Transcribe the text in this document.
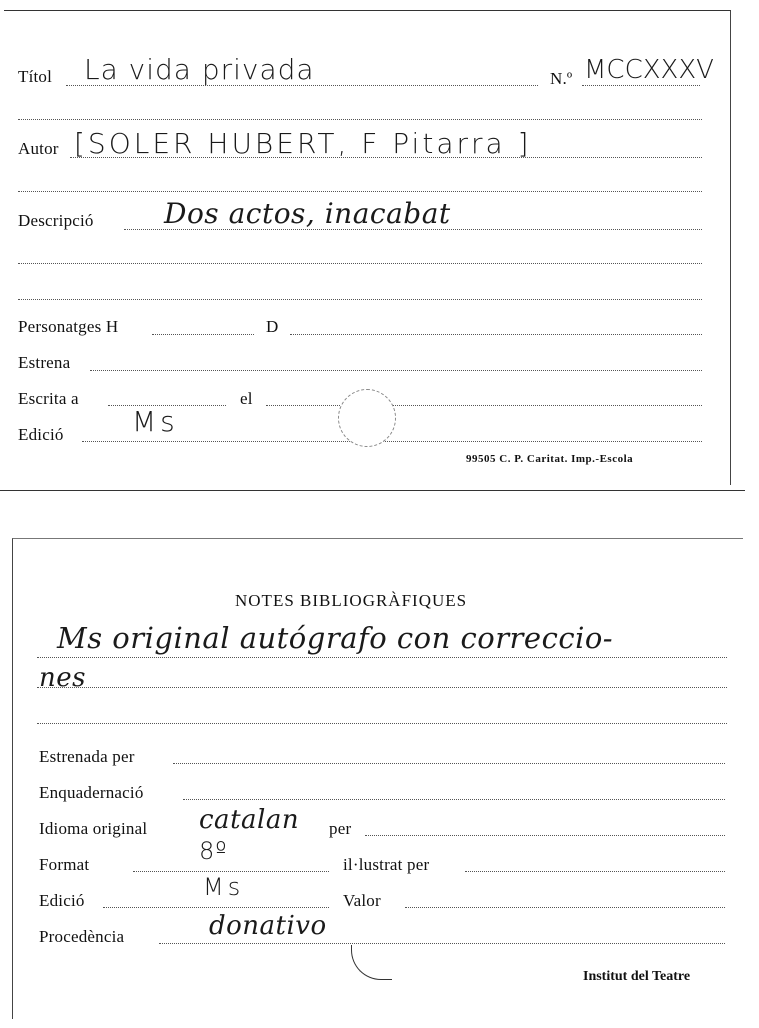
Títol La vida privada	N.º MCCXXXV
Autor [SOLER HUBERT, F Pitarra ]
Descripció	Dos actos, inacabat
Personatges H	D
Estrena
Escrita a	el
Edició Ms
99505 C. P. Caritat. Imp.-Escola
NOTES BIBLIOGRÀFIQUES
Ms original autógrafo con correccio-
nes
Estrenada per
Enquadernació
Idioma original catalan per
Format	8º	il·lustrat per
Edició	Ms	Valor
Procedència	donativo
Institut del Teatre
